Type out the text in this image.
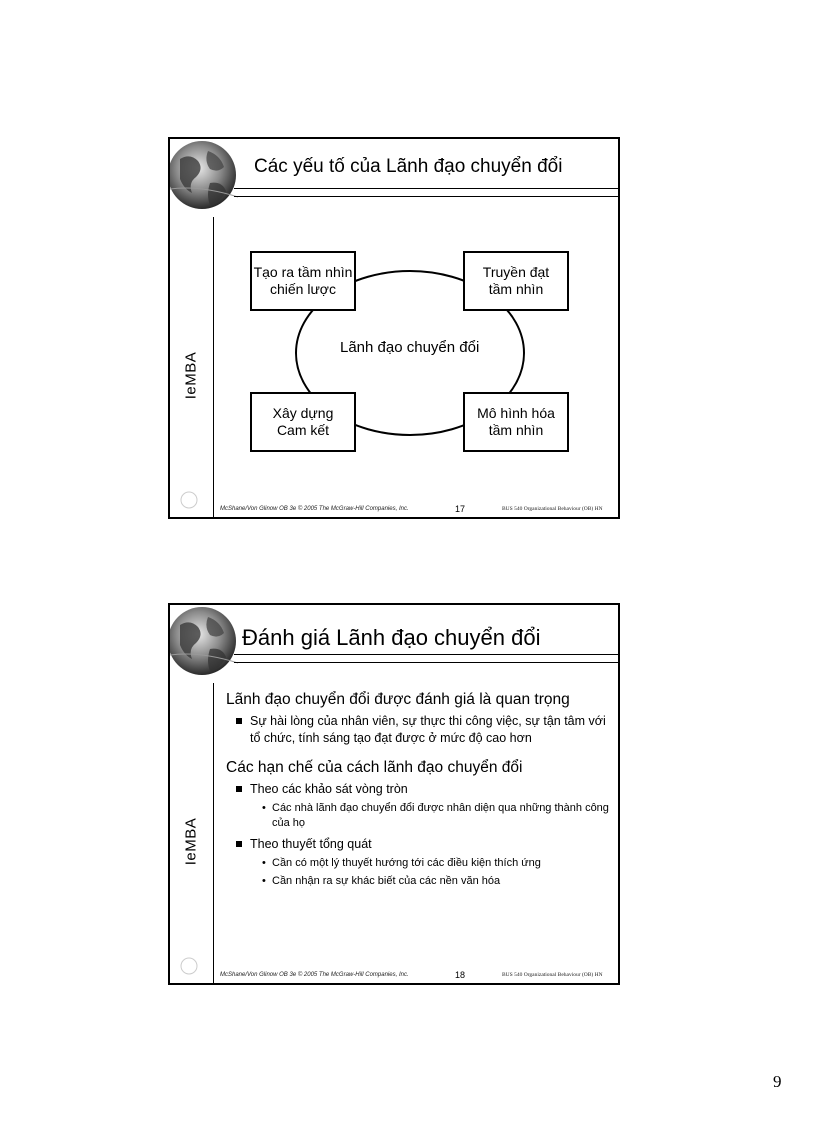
IeMBA
Các yếu tố của Lãnh đạo chuyển đổi
Tạo ra tầm nhìn
chiến lược
Truyền đạt
tầm nhìn
Xây dựng
Cam kết
Mô hình hóa
tầm nhìn
Lãnh đạo chuyển đổi
McShane/Von Glinow OB 3e © 2005 The McGraw-Hill Companies, Inc.	17	BUS 540 Organizational Behaviour (OB) HN
IeMBA
Đánh giá Lãnh đạo chuyển đổi
Lãnh đạo chuyển đổi được đánh giá là quan trọng
Sự hài lòng của nhân viên, sự thực thi công việc, sự tận tâm với tổ chức, tính sáng tạo đạt được ở mức độ cao hơn
Các hạn chế của cách lãnh đạo chuyển đổi
Theo các khảo sát vòng tròn
• Các nhà lãnh đạo chuyển đổi được nhân diện qua những thành công của họ
Theo thuyết tổng quát
• Cần có một lý thuyết hướng tới các điều kiện thích ứng
• Cần nhận ra sự khác biết của các nền văn hóa
McShane/Von Glinow OB 3e © 2005 The McGraw-Hill Companies, Inc.	18	BUS 540 Organizational Behaviour (OB) HN
9
